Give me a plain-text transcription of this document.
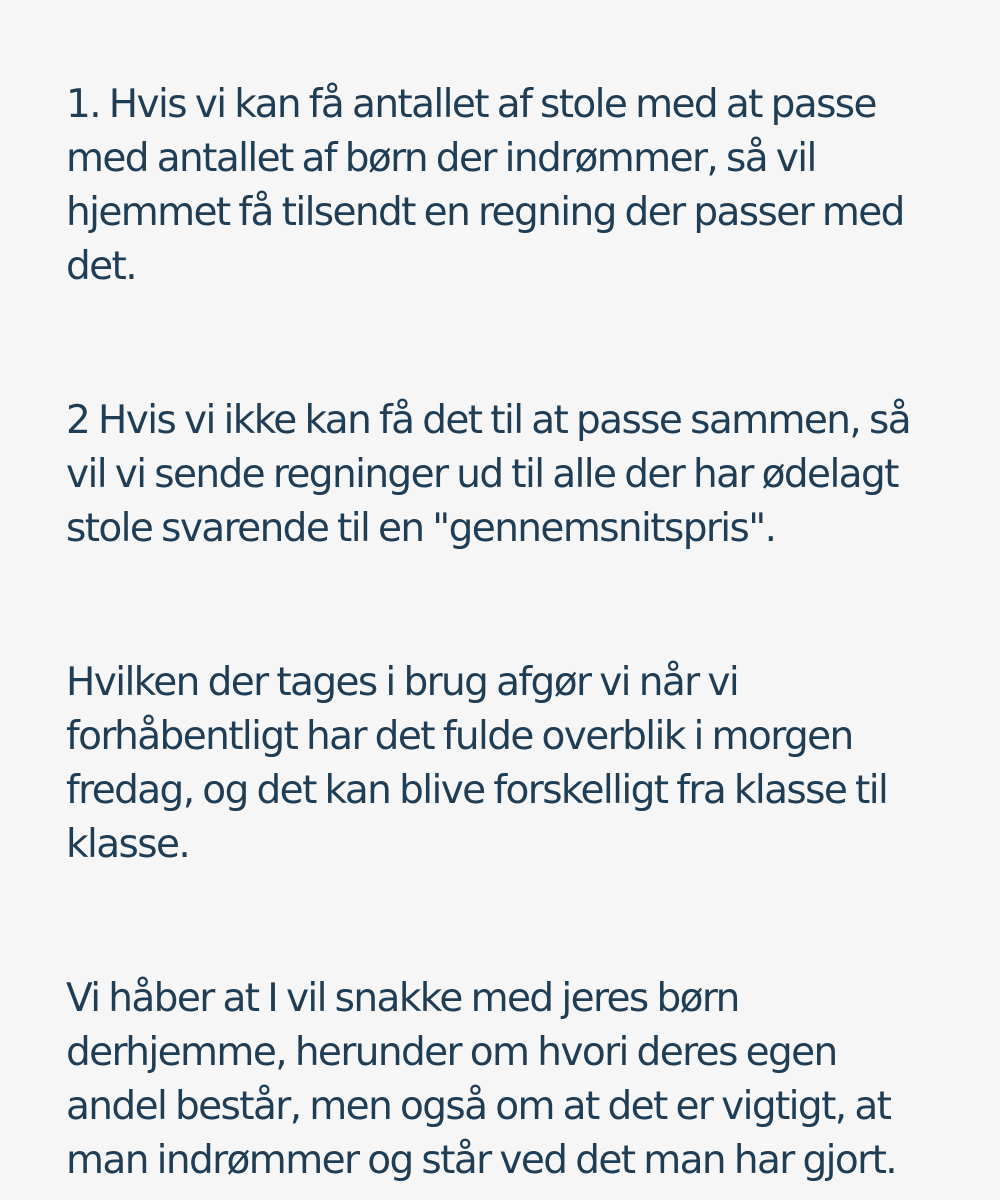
1. Hvis vi kan få antallet af stole med at passe
med antallet af børn der indrømmer, så vil
hjemmet få tilsendt en regning der passer med
det.

2 Hvis vi ikke kan få det til at passe sammen, så
vil vi sende regninger ud til alle der har ødelagt
stole svarende til en "gennemsnitspris".

Hvilken der tages i brug afgør vi når vi
forhåbentligt har det fulde overblik i morgen
fredag, og det kan blive forskelligt fra klasse til
klasse.

Vi håber at I vil snakke med jeres børn
derhjemme, herunder om hvori deres egen
andel består, men også om at det er vigtigt, at
man indrømmer og står ved det man har gjort.
